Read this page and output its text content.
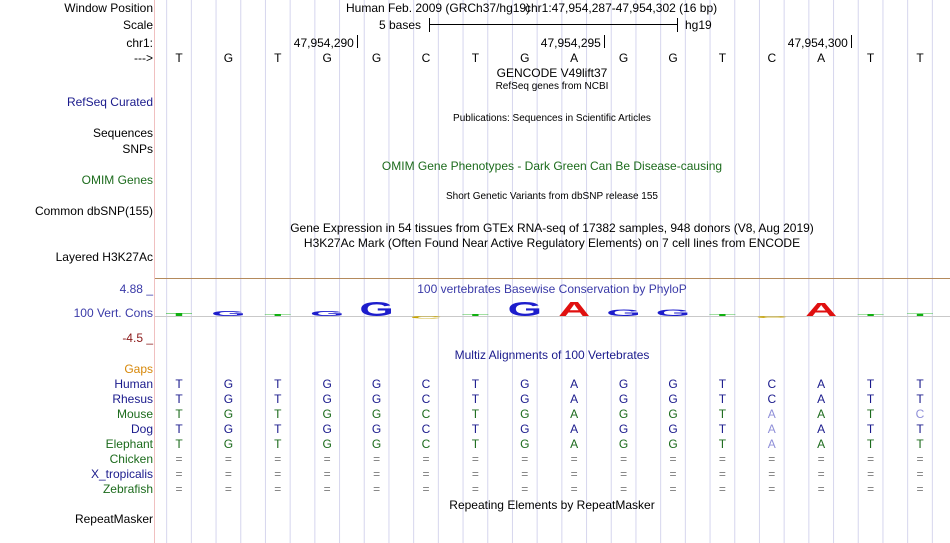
Window Position	Human Feb. 2009 (GRCh37/hg19)
chr1:47,954,287-47,954,302 (16 bp)
Scale	5 bases	hg19
chr1:	47,954,290	47,954,295	47,954,300
--->	T	G	T	G	G	C	T	G	A	G	G	T	C	A	T	T
GENCODE V49lift37
RefSeq genes from NCBI
RefSeq Curated
Publications: Sequences in Scientific Articles
Sequences
SNPs
OMIM Gene Phenotypes - Dark Green Can Be Disease-causing
OMIM Genes
Short Genetic Variants from dbSNP release 155
Common dbSNP(155)
Gene Expression in 54 tissues from GTEx RNA-seq of 17382 samples, 948 donors (V8, Aug 2019)
H3K27Ac Mark (Often Found Near Active Regulatory Elements) on 7 cell lines from ENCODE
Layered H3K27Ac
100 vertebrates Basewise Conservation by PhyloP
4.88 _
100 Vert. Cons
-4.5 _
T G T G G C
T G A G G T
C A T T
Multiz Alignments of 100 Vertebrates
Gaps
Human	T	G	T	G	G	C	T	G	A	G	G	T	C	A	T	T
Rhesus	T	G	T	G	G	C	T	G	A	G	G	T	C	A	T	T
Mouse	T	G	T	G	G	C	T	G	A	G	G	T	A	A	T	C
Dog	T	G	T	G	G	C	T	G	A	G	G	T	A	A	T	T
Elephant	T	G	T	G	G	C	T	G	A	G	G	T	A	A	T	T
Chicken	=	=	=	=	=	=	=	=	=	=	=	=	=	=	=	=
X_tropicalis	=	=	=	=	=	=	=	=	=	=	=	=	=	=	=	=
Zebrafish	=	=	=	=	=	=	=	=	=	=	=	=	=	=	=	=
Repeating Elements by RepeatMasker
RepeatMasker
